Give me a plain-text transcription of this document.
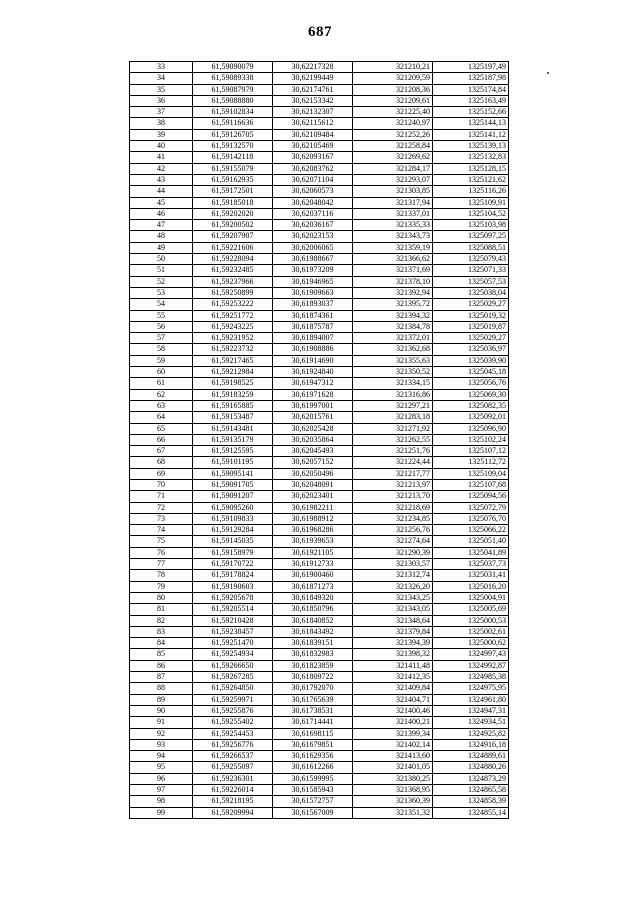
687
33	61,59090079	30,62217328	321210,21	1325197,49
34	61,59089338	30,62199449	321209,59	1325187,98
35	61,59087979	30,62174761	321208,36	1325174,84
36	61,59088880	30,62153342	321209,61	1325163,49
37	61,59102834	30,62132307	321225,40	1325152,66
38	61,59116636	30,62115612	321240,97	1325144,13
39	61,59126705	30,62109484	321252,26	1325141,12
40	61,59132570	30,62105469	321258,84	1325139,13
41	61,59142118	30,62093167	321269,62	1325132,83
42	61,59155079	30,62083762	321284,17	1325128,15
43	61,59162935	30,62071104	321293,07	1325121,62
44	61,59172501	30,62060573	321303,85	1325116,26
45	61,59185018	30,62048042	321317,94	1325109,91
46	61,59202020	30,62037116	321337,01	1325104,52
47	61,59200502	30,62036167	321335,33	1325103,98
48	61,59207907	30,62023153	321343,73	1325097,25
49	61,59221606	30,62006065	321359,19	1325088,51
50	61,59228094	30,61988667	321366,62	1325079,43
51	61,59232485	30,61973209	321371,69	1325071,33
52	61,59237966	30,61946965	321378,10	1325057,53
53	61,59250899	30,61909663	321392,94	1325038,04
54	61,59253222	30,61893037	321395,72	1325029,27
55	61,59251772	30,61874361	321394,32	1325019,32
56	61,59243225	30,61875787	321384,78	1325019,87
57	61,59231952	30,61894007	321372,01	1325029,27
58	61,59223732	30,61908886	321362,68	1325036,97
59	61,59217465	30,61914690	321355,63	1325039,90
60	61,59212984	30,61924840	321350,52	1325045,18
61	61,59198525	30,61947312	321334,15	1325056,76
62	61,59183259	30,61971628	321316,86	1325069,30
63	61,59165885	30,61997001	321297,21	1325082,35
64	61,59153487	30,62015761	321283,18	1325092,01
65	61,59143481	30,62025428	321271,92	1325096,90
66	61,59135179	30,62035864	321262,55	1325102,24
67	61,59125595	30,62045493	321251,76	1325107,12
68	61,59101195	30,62057152	321224,44	1325112,72
69	61,59095141	30,62050496	321217,77	1325109,04
70	61,59091705	30,62048091	321213,97	1325107,68
71	61,59091207	30,62023401	321213,70	1325094,56
72	61,59095260	30,61982211	321218,69	1325072,79
73	61,59109833	30,61988912	321234,85	1325076,70
74	61,59129284	30,61968286	321256,76	1325066,22
75	61,59145035	30,61939653	321274,64	1325051,40
76	61,59158979	30,61921105	321290,39	1325041,89
77	61,59170722	30,61912733	321303,57	1325037,73
78	61,59178824	30,61900460	321312,74	1325031,41
79	61,59190603	30,61871273	321326,20	1325016,20
80	61,59205678	30,61849320	321343,25	1325004,91
81	61,59205514	30,61850796	321343,05	1325005,69
82	61,59210428	30,61840852	321348,64	1325000,53
83	61,59238457	30,61843492	321379,84	1325002,61
84	61,59251470	30,61839151	321394,39	1325000,62
85	61,59254934	30,61832983	321398,32	1324997,43
86	61,59266650	30,61823859	321411,48	1324992,87
87	61,59267285	30,61809722	321412,35	1324985,38
88	61,59264850	30,61792070	321409,84	1324975,95
89	61,59259971	30,61765639	321404,71	1324961,80
90	61,59255876	30,61738531	321400,46	1324947,31
91	61,59255402	30,61714441	321400,21	1324934,51
92	61,59254453	30,61698115	321399,34	1324925,82
93	61,59256776	30,61679851	321402,14	1324916,18
94	61,59266537	30,61629356	321413,60	1324889,61
95	61,59255097	30,61612266	321401,05	1324880,26
96	61,59236301	30,61599995	321380,25	1324873,29
97	61,59226014	30,61585943	321368,95	1324865,58
98	61,59218195	30,61572757	321360,39	1324858,39
99	61,59209994	30,61567009	321351,32	1324855,14
